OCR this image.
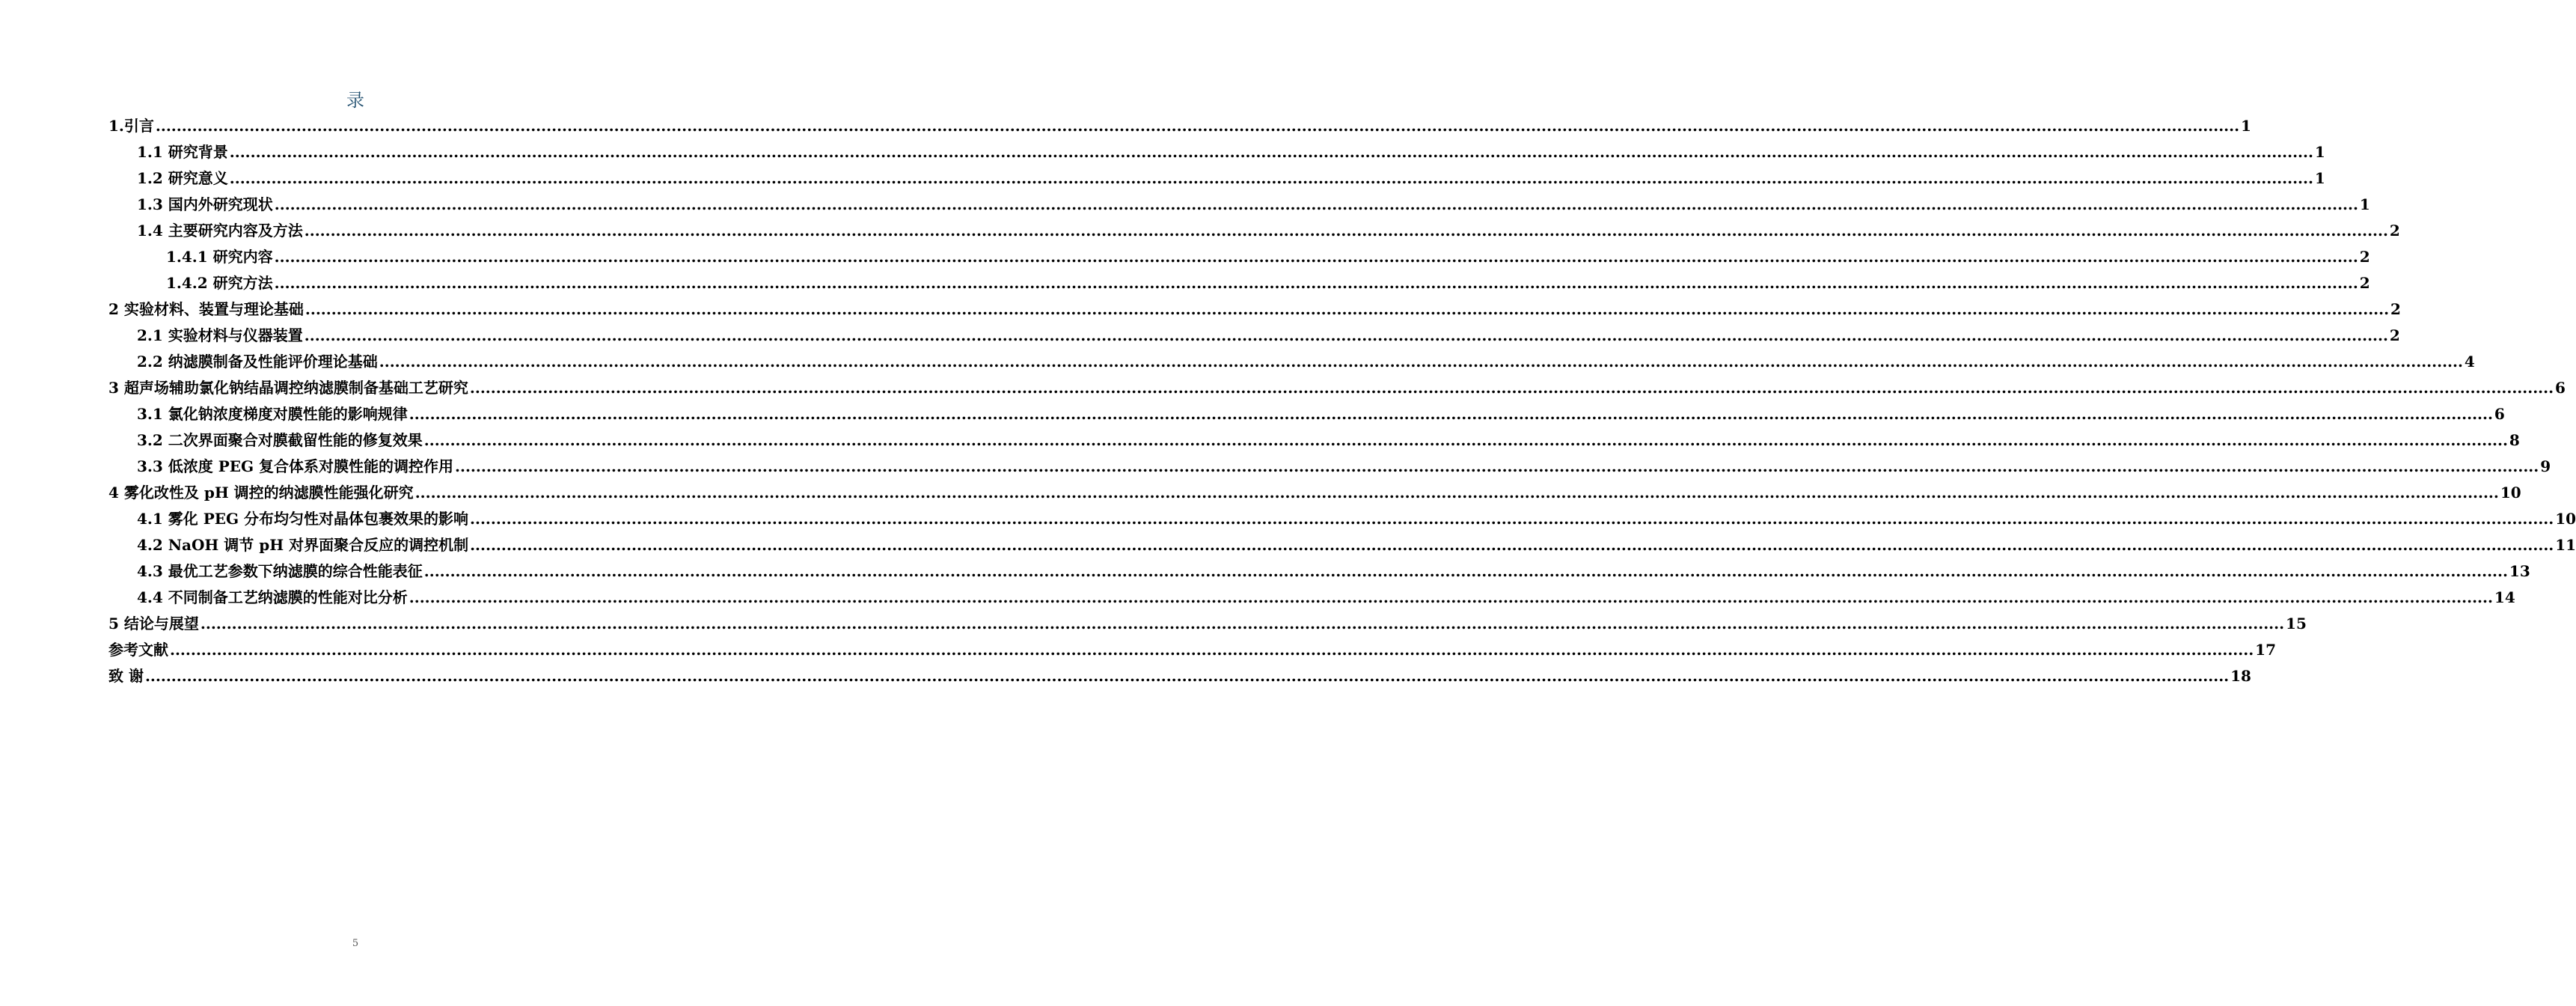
录
1.引言 ................................................................................................................................................................................................................................................................................................................................................................................................................ 1
1.1 研究背景 ................................................................................................................................................................................................................................................................................................................................................................................................................ 1
1.2 研究意义 ................................................................................................................................................................................................................................................................................................................................................................................................................ 1
1.3 国内外研究现状 ................................................................................................................................................................................................................................................................................................................................................................................................................ 1
1.4 主要研究内容及方法 ................................................................................................................................................................................................................................................................................................................................................................................................................ 2
1.4.1 研究内容 ................................................................................................................................................................................................................................................................................................................................................................................................................ 2
1.4.2 研究方法 ................................................................................................................................................................................................................................................................................................................................................................................................................ 2
2 实验材料、装置与理论基础 ................................................................................................................................................................................................................................................................................................................................................................................................................ 2
2.1 实验材料与仪器装置 ................................................................................................................................................................................................................................................................................................................................................................................................................ 2
2.2 纳滤膜制备及性能评价理论基础 ................................................................................................................................................................................................................................................................................................................................................................................................................ 4
3 超声场辅助氯化钠结晶调控纳滤膜制备基础工艺研究 ................................................................................................................................................................................................................................................................................................................................................................................................................ 6
3.1 氯化钠浓度梯度对膜性能的影响规律 ................................................................................................................................................................................................................................................................................................................................................................................................................ 6
3.2 二次界面聚合对膜截留性能的修复效果 ................................................................................................................................................................................................................................................................................................................................................................................................................ 8
3.3 低浓度 PEG 复合体系对膜性能的调控作用 ................................................................................................................................................................................................................................................................................................................................................................................................................ 9
4 雾化改性及 pH 调控的纳滤膜性能强化研究 ................................................................................................................................................................................................................................................................................................................................................................................................................ 10
4.1 雾化 PEG 分布均匀性对晶体包裹效果的影响 ................................................................................................................................................................................................................................................................................................................................................................................................................ 10
4.2 NaOH 调节 pH 对界面聚合反应的调控机制 ................................................................................................................................................................................................................................................................................................................................................................................................................ 11
4.3 最优工艺参数下纳滤膜的综合性能表征 ................................................................................................................................................................................................................................................................................................................................................................................................................ 13
4.4 不同制备工艺纳滤膜的性能对比分析 ................................................................................................................................................................................................................................................................................................................................................................................................................ 14
5 结论与展望 ................................................................................................................................................................................................................................................................................................................................................................................................................ 15
参考文献 ................................................................................................................................................................................................................................................................................................................................................................................................................ 17
致 谢 ................................................................................................................................................................................................................................................................................................................................................................................................................ 18
5
